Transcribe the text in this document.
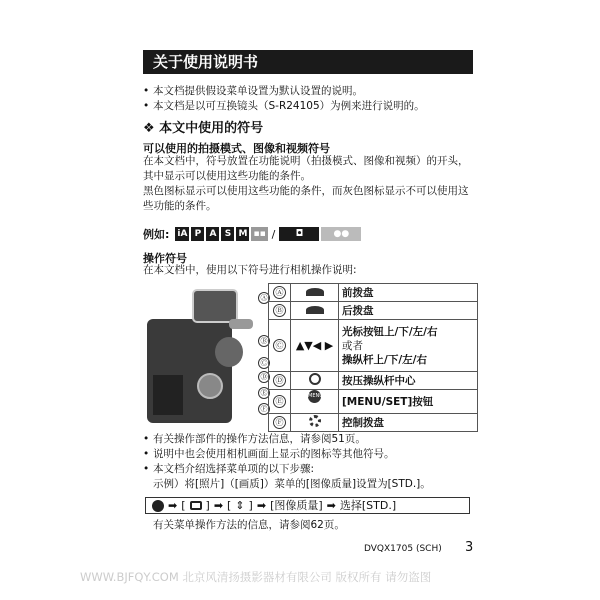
关于使用说明书
• 本文档提供假设菜单设置为默认设置的说明。
• 本文档是以可互换镜头（S-R24105）为例来进行说明的。
❖ 本文中使用的符号
可以使用的拍摄模式、图像和视频符号
在本文档中，符号放置在功能说明（拍摄模式、图像和视频）的开头，其中显示可以使用这些功能的条件。
黑色图标显示可以使用这些功能的条件，而灰色图标显示不可以使用这些功能的条件。
例如: iA P A S M ▪▪ /	◘	●●
操作符号
在本文档中，使用以下符号进行相机操作说明:
Ⓐ
Ⓑ
Ⓒ
Ⓓ
Ⓔ
Ⓕ
Ⓐ		前拨盘
Ⓑ		后拨盘
Ⓒ	▲▼◀ ▶	光标按钮上/下/左/右
或者
操纵杆上/下/左/右

Ⓓ		按压操纵杆中心
Ⓔ	MENU SET	[MENU/SET]按钮
Ⓕ		控制拨盘
• 有关操作部件的操作方法信息，请参阅51页。
• 说明中也会使用相机画面上显示的图标等其他符号。
• 本文档介绍选择菜单项的以下步骤:
示例）将[照片]（[画质]）菜单的[图像质量]设置为[STD.]。
➡ [ ] ➡ [ ⇕ ] ➡ [图像质量] ➡ 选择[STD.]
有关菜单操作方法的信息，请参阅62页。
DVQX1705 (SCH) 3
WWW.BJFQY.COM 北京风清扬摄影器材有限公司 版权所有 请勿盗图
